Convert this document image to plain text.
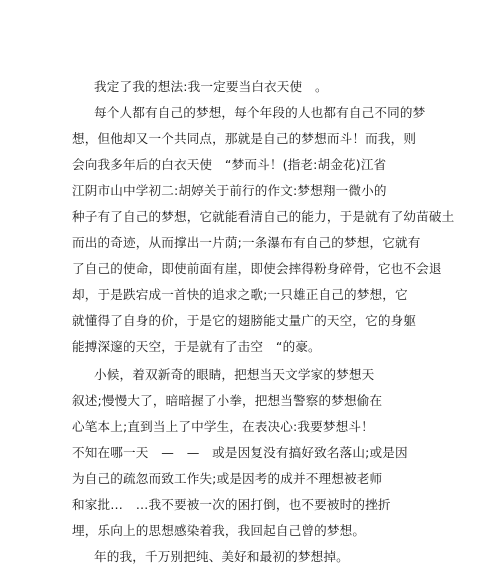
我定了我的想法:我一定要当白衣天使　。
每个人都有自己的梦想，每个年段的人也都有自己不同的梦
想，但他却又一个共同点，那就是自己的梦想而斗！而我，则
会向我多年后的白衣天使　“梦而斗！(指老:胡金花)江省
江阴市山中学初二:胡婷关于前行的作文:梦想翔一微小的
种子有了自己的梦想，它就能看清自己的能力，于是就有了幼苗破土
而出的奇迹，从而撑出一片荫;一条瀑布有自己的梦想，它就有
了自己的使命，即使前面有崖，即使会摔得粉身碎骨，它也不会退
却，于是跌宕成一首快的追求之歌;一只雄正自己的梦想，它
就懂得了自身的价，于是它的翅膀能丈量广的天空，它的身躯
能搏深邃的天空，于是就有了击空　“的豪。
小候，着双新奇的眼睛，把想当天文学家的梦想天
叙述;慢慢大了，暗暗握了小拳，把想当警察的梦想偷在
心笔本上;直到当上了中学生，在表决心:我要梦想斗！
不知在哪一天　—　—　或是因复没有搞好致名落山;或是因
为自己的疏忽而致工作失;或是因考的成并不理想被老师
和家批…　…我不要被一次的困打倒，也不要被时的挫折
埋，乐向上的思想感染着我，我回起自己曾的梦想。
年的我，千万别把纯、美好和最初的梦想掉。
